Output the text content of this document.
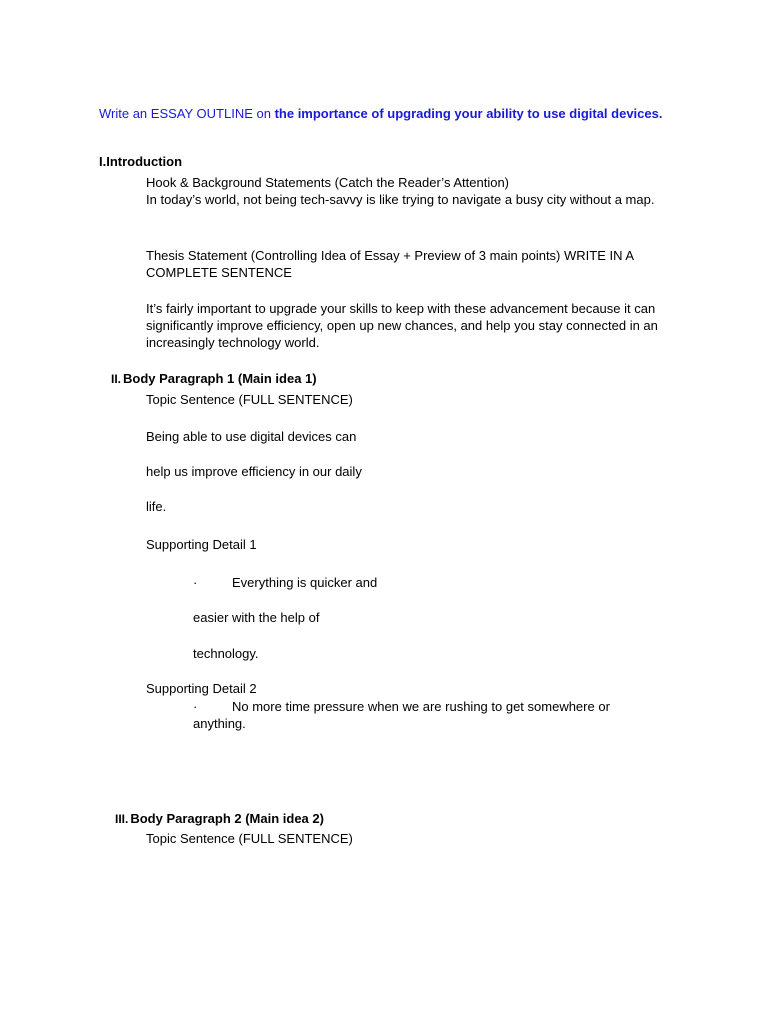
Write an ESSAY OUTLINE on the importance of upgrading your ability to use digital devices.

I.Introduction

Hook & Background Statements (Catch the Reader’s Attention)

In today’s world, not being tech-savvy is like trying to navigate a busy city without a map.

Thesis Statement (Controlling Idea of Essay + Preview of 3 main points) WRITE IN A COMPLETE SENTENCE

It’s fairly important to upgrade your skills to keep with these advancement because it can significantly improve efficiency, open up new chances, and help you stay connected in an increasingly technology world.

II. Body Paragraph 1 (Main idea 1)

Topic Sentence (FULL SENTENCE)

Being able to use digital devices can

help us improve efficiency in our daily

life.

Supporting Detail 1

·	Everything is quicker and

easier with the help of

technology.

Supporting Detail 2

·	No more time pressure when we are rushing to get somewhere or

anything.

III. Body Paragraph 2 (Main idea 2)

Topic Sentence (FULL SENTENCE)
